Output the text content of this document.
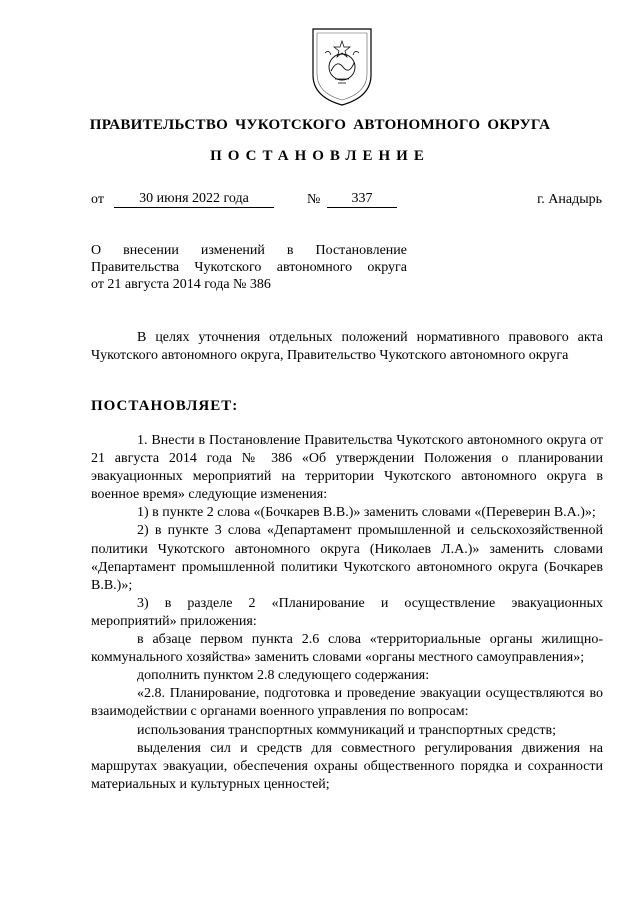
ПРАВИТЕЛЬСТВО ЧУКОТСКОГО АВТОНОМНОГО ОКРУГА
ПОСТАНОВЛЕНИЕ
от	30 июня 2022 года	№	337	г. Анадырь
О внесении изменений в Постановление
Правительства Чукотского автономного округа
от 21 августа 2014 года № 386
В целях уточнения отдельных положений нормативного правового акта Чукотского автономного округа, Правительство Чукотского автономного округа
ПОСТАНОВЛЯЕТ:

1. Внести в Постановление Правительства Чукотского автономного округа от 21 августа 2014 года № 386 «Об утверждении Положения о планировании эвакуационных мероприятий на территории Чукотского автономного округа в военное время» следующие изменения:

1) в пункте 2 слова «(Бочкарев В.В.)» заменить словами «(Переверин В.А.)»;

2) в пункте 3 слова «Департамент промышленной и сельскохозяйственной политики Чукотского автономного округа (Николаев Л.А.)» заменить словами «Департамент промышленной политики Чукотского автономного округа (Бочкарев В.В.)»;

3) в разделе 2 «Планирование и осуществление эвакуационных мероприятий» приложения:

в абзаце первом пункта 2.6 слова «территориальные органы жилищно-коммунального хозяйства» заменить словами «органы местного самоуправления»;

дополнить пунктом 2.8 следующего содержания:

«2.8. Планирование, подготовка и проведение эвакуации осуществляются во взаимодействии с органами военного управления по вопросам:

использования транспортных коммуникаций и транспортных средств;

выделения сил и средств для совместного регулирования движения на маршрутах эвакуации, обеспечения охраны общественного порядка и сохранности материальных и культурных ценностей;
